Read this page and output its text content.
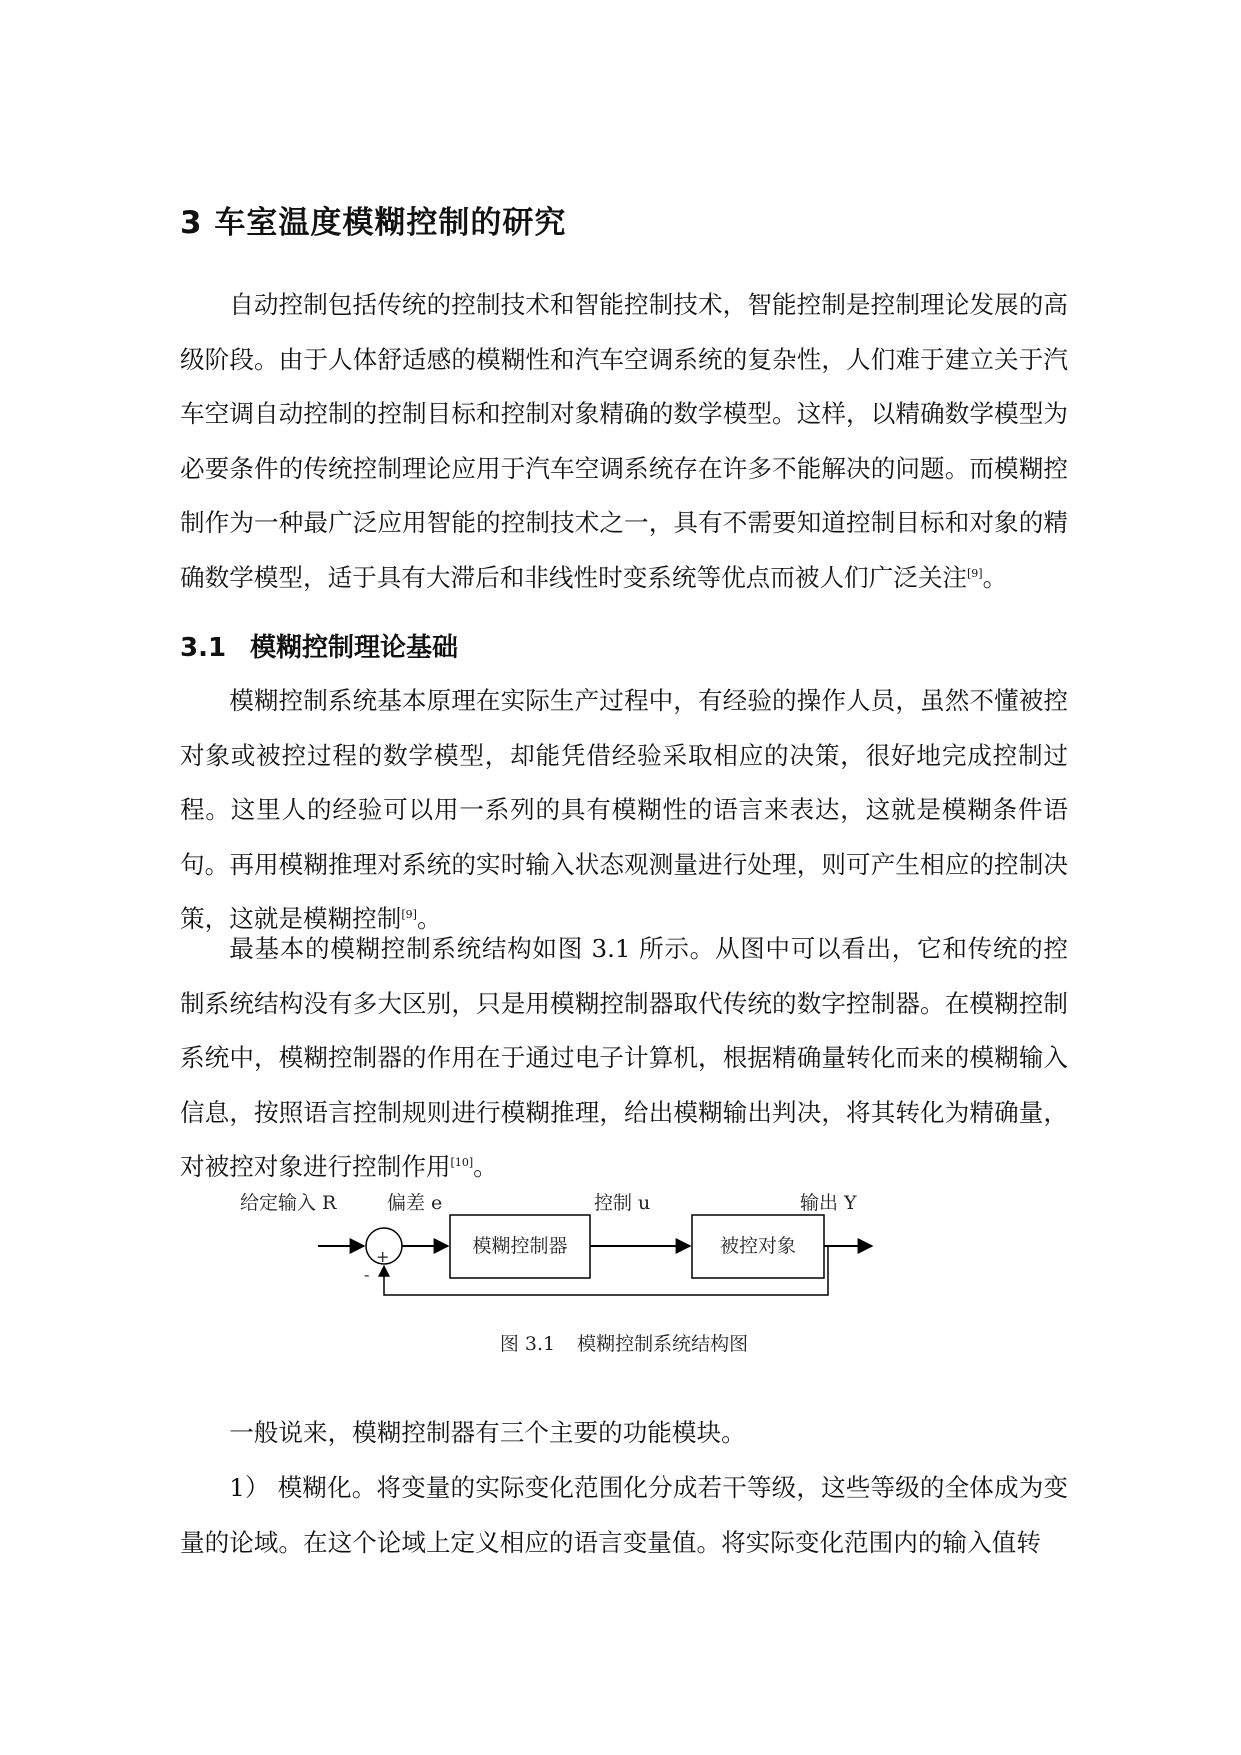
3 车室温度模糊控制的研究

自动控制包括传统的控制技术和智能控制技术，智能控制是控制理论发展的高级阶段。由于人体舒适感的模糊性和汽车空调系统的复杂性，人们难于建立关于汽车空调自动控制的控制目标和控制对象精确的数学模型。这样，以精确数学模型为必要条件的传统控制理论应用于汽车空调系统存在许多不能解决的问题。而模糊控制作为一种最广泛应用智能的控制技术之一，具有不需要知道控制目标和对象的精确数学模型，适于具有大滞后和非线性时变系统等优点而被人们广泛关注[9]。

3.1 模糊控制理论基础

模糊控制系统基本原理在实际生产过程中，有经验的操作人员，虽然不懂被控对象或被控过程的数学模型，却能凭借经验采取相应的决策，很好地完成控制过程。这里人的经验可以用一系列的具有模糊性的语言来表达，这就是模糊条件语句。再用模糊推理对系统的实时输入状态观测量进行处理，则可产生相应的控制决策，这就是模糊控制[9]。

最基本的模糊控制系统结构如图 3.1 所示。从图中可以看出，它和传统的控制系统结构没有多大区别，只是用模糊控制器取代传统的数字控制器。在模糊控制系统中，模糊控制器的作用在于通过电子计算机，根据精确量转化而来的模糊输入信息，按照语言控制规则进行模糊推理，给出模糊输出判决，将其转化为精确量，对被控对象进行控制作用[10]。

给定输入 R	偏差 e
+
-
模糊控制器
控制 u
被控对象
输出 Y
图 3.1 模糊控制系统结构图

一般说来，模糊控制器有三个主要的功能模块。

1） 模糊化。将变量的实际变化范围化分成若干等级，这些等级的全体成为变量的论域。在这个论域上定义相应的语言变量值。将实际变化范围内的输入值转
